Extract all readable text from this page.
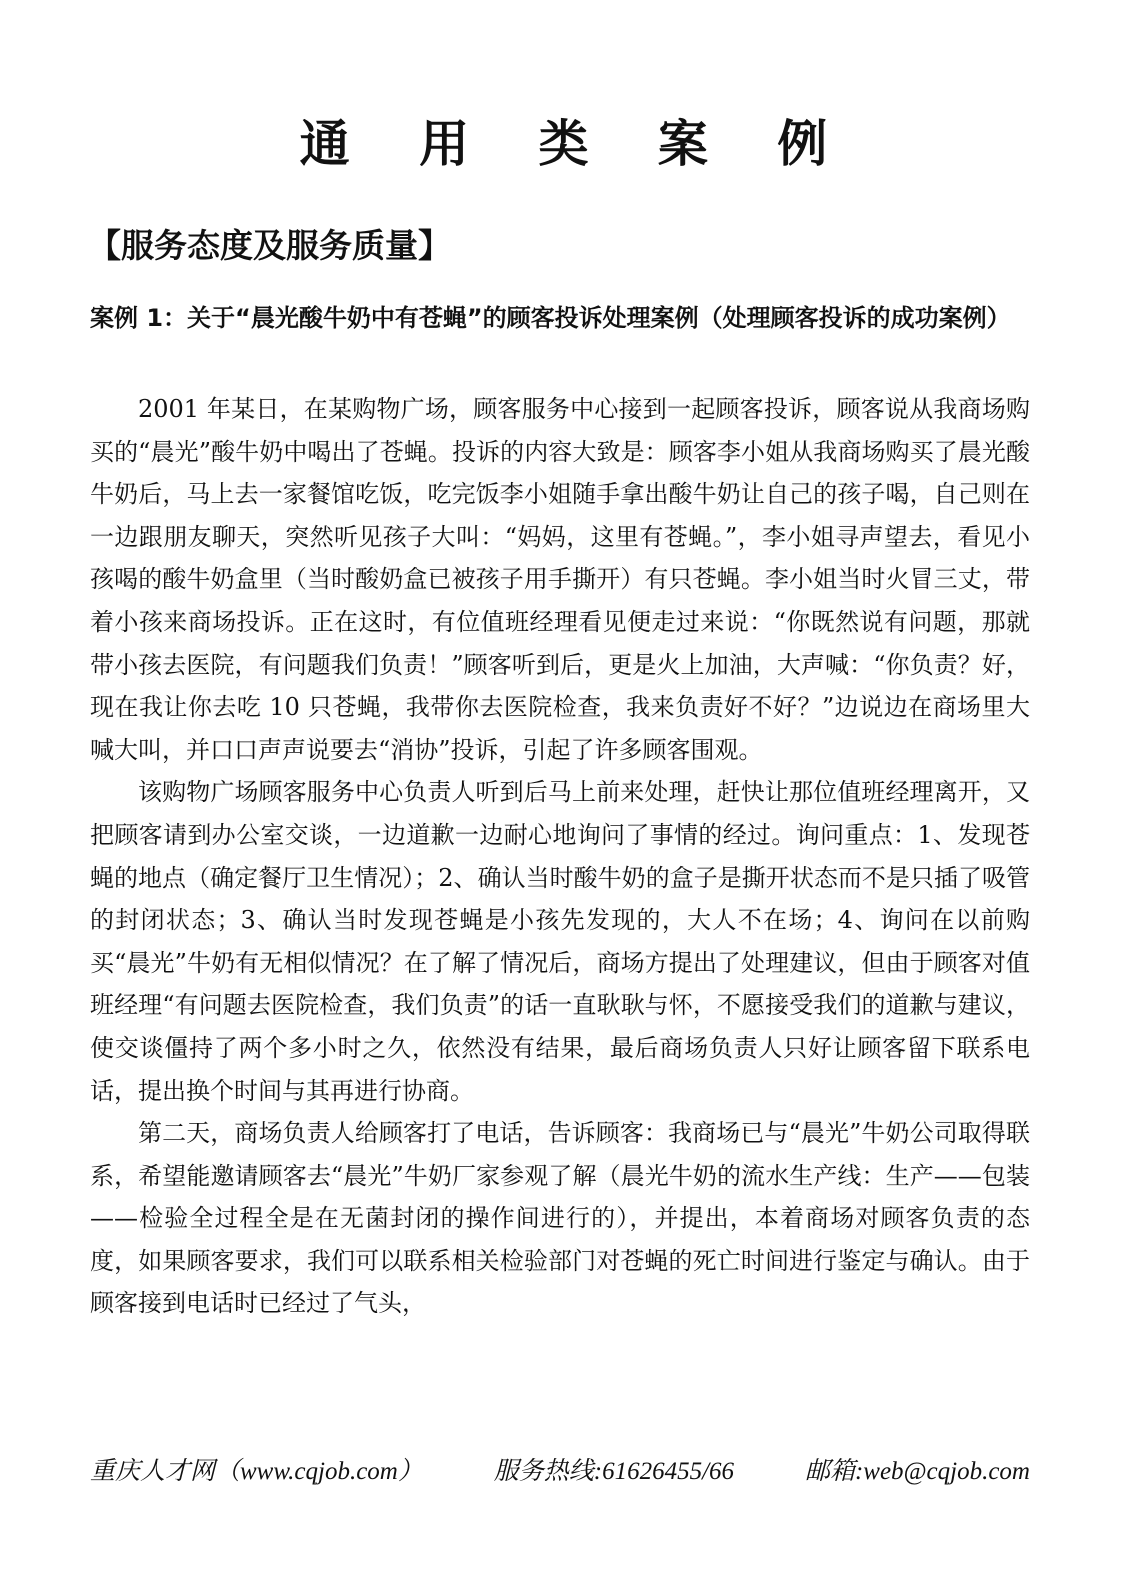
通 用 类 案 例
【服务态度及服务质量】
案例 1：关于“晨光酸牛奶中有苍蝇”的顾客投诉处理案例（处理顾客投诉的成功案例）

2001 年某日，在某购物广场，顾客服务中心接到一起顾客投诉，顾客说从我商场购买的“晨光”酸牛奶中喝出了苍蝇。投诉的内容大致是：顾客李小姐从我商场购买了晨光酸牛奶后，马上去一家餐馆吃饭，吃完饭李小姐随手拿出酸牛奶让自己的孩子喝，自己则在一边跟朋友聊天，突然听见孩子大叫：“妈妈，这里有苍蝇。”，李小姐寻声望去，看见小孩喝的酸牛奶盒里（当时酸奶盒已被孩子用手撕开）有只苍蝇。李小姐当时火冒三丈，带着小孩来商场投诉。正在这时，有位值班经理看见便走过来说：“你既然说有问题，那就带小孩去医院，有问题我们负责！”顾客听到后，更是火上加油，大声喊：“你负责？好，现在我让你去吃 10 只苍蝇，我带你去医院检查，我来负责好不好？”边说边在商场里大喊大叫，并口口声声说要去“消协”投诉，引起了许多顾客围观。

该购物广场顾客服务中心负责人听到后马上前来处理，赶快让那位值班经理离开，又把顾客请到办公室交谈，一边道歉一边耐心地询问了事情的经过。询问重点：1、发现苍蝇的地点（确定餐厅卫生情况）；2、确认当时酸牛奶的盒子是撕开状态而不是只插了吸管的封闭状态；3、确认当时发现苍蝇是小孩先发现的，大人不在场；4、询问在以前购买“晨光”牛奶有无相似情况？在了解了情况后，商场方提出了处理建议，但由于顾客对值班经理“有问题去医院检查，我们负责”的话一直耿耿与怀，不愿接受我们的道歉与建议，使交谈僵持了两个多小时之久，依然没有结果，最后商场负责人只好让顾客留下联系电话，提出换个时间与其再进行协商。

第二天，商场负责人给顾客打了电话，告诉顾客：我商场已与“晨光”牛奶公司取得联系，希望能邀请顾客去“晨光”牛奶厂家参观了解（晨光牛奶的流水生产线：生产——包装——检验全过程全是在无菌封闭的操作间进行的），并提出，本着商场对顾客负责的态度，如果顾客要求，我们可以联系相关检验部门对苍蝇的死亡时间进行鉴定与确认。由于顾客接到电话时已经过了气头，

重庆人才网（www.cqjob.com）	服务热线:61626455/66	邮箱:web@cqjob.com
